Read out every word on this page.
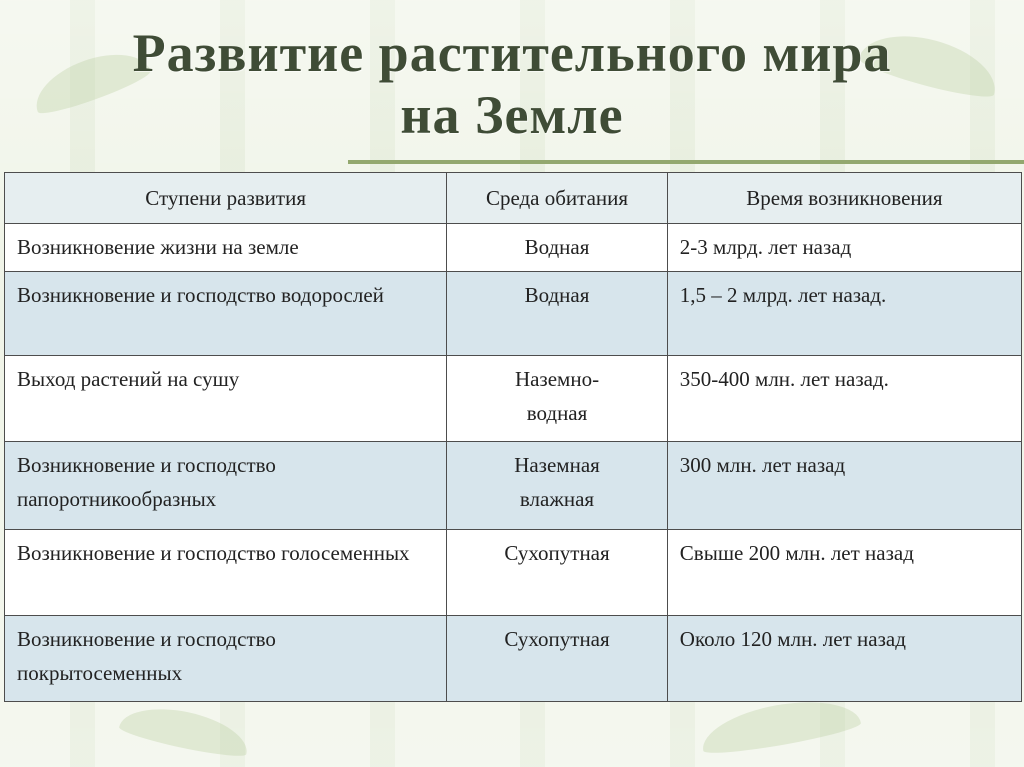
Развитие растительного мира
на Земле
Ступени развития	Среда обитания	Время возникновения
Возникновение жизни на земле	Водная	2-3 млрд. лет назад
Возникновение и господство водорослей	Водная	1,5 – 2 млрд. лет назад.
Выход растений на сушу	Наземно-водная	350-400 млн. лет назад.
Возникновение и господство папоротникообразных	Наземная влажная	300 млн. лет назад
Возникновение и господство голосеменных	Сухопутная	Свыше 200 млн. лет назад
Возникновение и господство покрытосеменных	Сухопутная	Около 120 млн. лет назад
